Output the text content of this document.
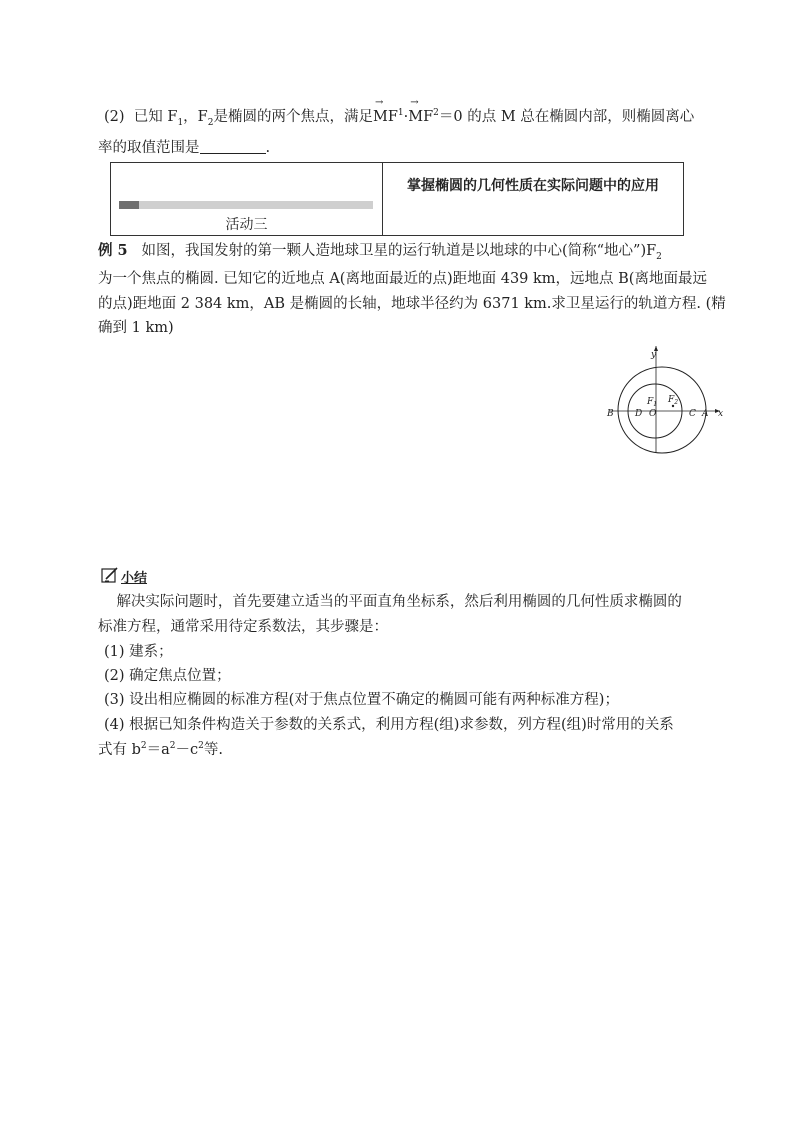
(2) 已知 $F_1$，$F_2$是椭圆的两个焦点，满足→ $MF^1\cdot\to MF^2=0$ 的点 M 总在椭圆内部，则椭圆离心
率的取值范围是	.
活动三
掌握椭圆的几何性质在实际问题中的应用
例 5 如图，我国发射的第一颗人造地球卫星的运行轨道是以地球的中心(简称“地心$”)F_2$
为一个焦点的椭圆. 已知它的近地点 A(离地面最近的点)距地面 439 km，远地点 B(离地面最远
的点)距地面 2 384 km，AB 是椭圆的长轴，地球半径约为 6371 km.求卫星运行的轨道方程. (精
确到 1 km)
y
x
B D O	C A
$F_1$ $F_2$
小结
解决实际问题时，首先要建立适当的平面直角坐标系，然后利用椭圆的几何性质求椭圆的
标准方程，通常采用待定系数法，其步骤是：
(1) 建系；
(2) 确定焦点位置；
(3) 设出相应椭圆的标准方程(对于焦点位置不确定的椭圆可能有两种标准方程)；
(4) 根据已知条件构造关于参数的关系式，利用方程(组)求参数，列方程(组)时常用的关系
式有 $b^2=a^2-c^2$等.
